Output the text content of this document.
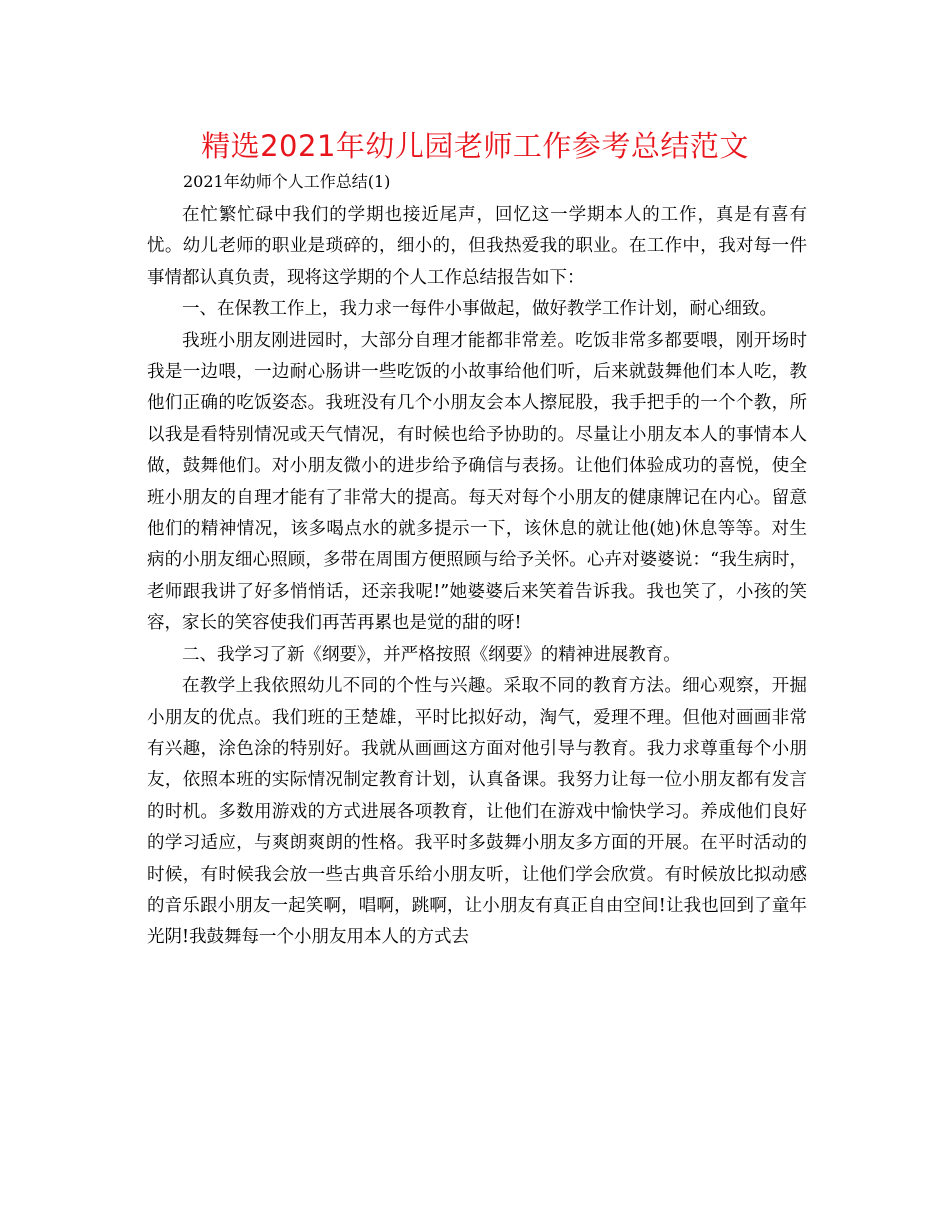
精选2021年幼儿园老师工作参考总结范文
2021年幼师个人工作总结(1)

在忙繁忙碌中我们的学期也接近尾声，回忆这一学期本人的工作，真是有喜有忧。幼儿老师的职业是琐碎的，细小的，但我热爱我的职业。在工作中，我对每一件事情都认真负责，现将这学期的个人工作总结报告如下：

一、在保教工作上，我力求一每件小事做起，做好教学工作计划，耐心细致。

我班小朋友刚进园时，大部分自理才能都非常差。吃饭非常多都要喂，刚开场时我是一边喂，一边耐心肠讲一些吃饭的小故事给他们听，后来就鼓舞他们本人吃，教他们正确的吃饭姿态。我班没有几个小朋友会本人擦屁股，我手把手的一个个教，所以我是看特别情况或天气情况，有时候也给予协助的。尽量让小朋友本人的事情本人做，鼓舞他们。对小朋友微小的进步给予确信与表扬。让他们体验成功的喜悦，使全班小朋友的自理才能有了非常大的提高。每天对每个小朋友的健康牌记在内心。留意他们的精神情况，该多喝点水的就多提示一下，该休息的就让他(她)休息等等。对生病的小朋友细心照顾，多带在周围方便照顾与给予关怀。心卉对婆婆说：“我生病时，老师跟我讲了好多悄悄话，还亲我呢!”她婆婆后来笑着告诉我。我也笑了，小孩的笑容，家长的笑容使我们再苦再累也是觉的甜的呀!

二、我学习了新《纲要》，并严格按照《纲要》的精神进展教育。

在教学上我依照幼儿不同的个性与兴趣。采取不同的教育方法。细心观察，开掘小朋友的优点。我们班的王楚雄，平时比拟好动，淘气，爱理不理。但他对画画非常有兴趣，涂色涂的特别好。我就从画画这方面对他引导与教育。我力求尊重每个小朋友，依照本班的实际情况制定教育计划，认真备课。我努力让每一位小朋友都有发言的时机。多数用游戏的方式进展各项教育，让他们在游戏中愉快学习。养成他们良好的学习适应，与爽朗爽朗的性格。我平时多鼓舞小朋友多方面的开展。在平时活动的时候，有时候我会放一些古典音乐给小朋友听，让他们学会欣赏。有时候放比拟动感的音乐跟小朋友一起笑啊，唱啊，跳啊，让小朋友有真正自由空间!让我也回到了童年光阴!我鼓舞每一个小朋友用本人的方式去
